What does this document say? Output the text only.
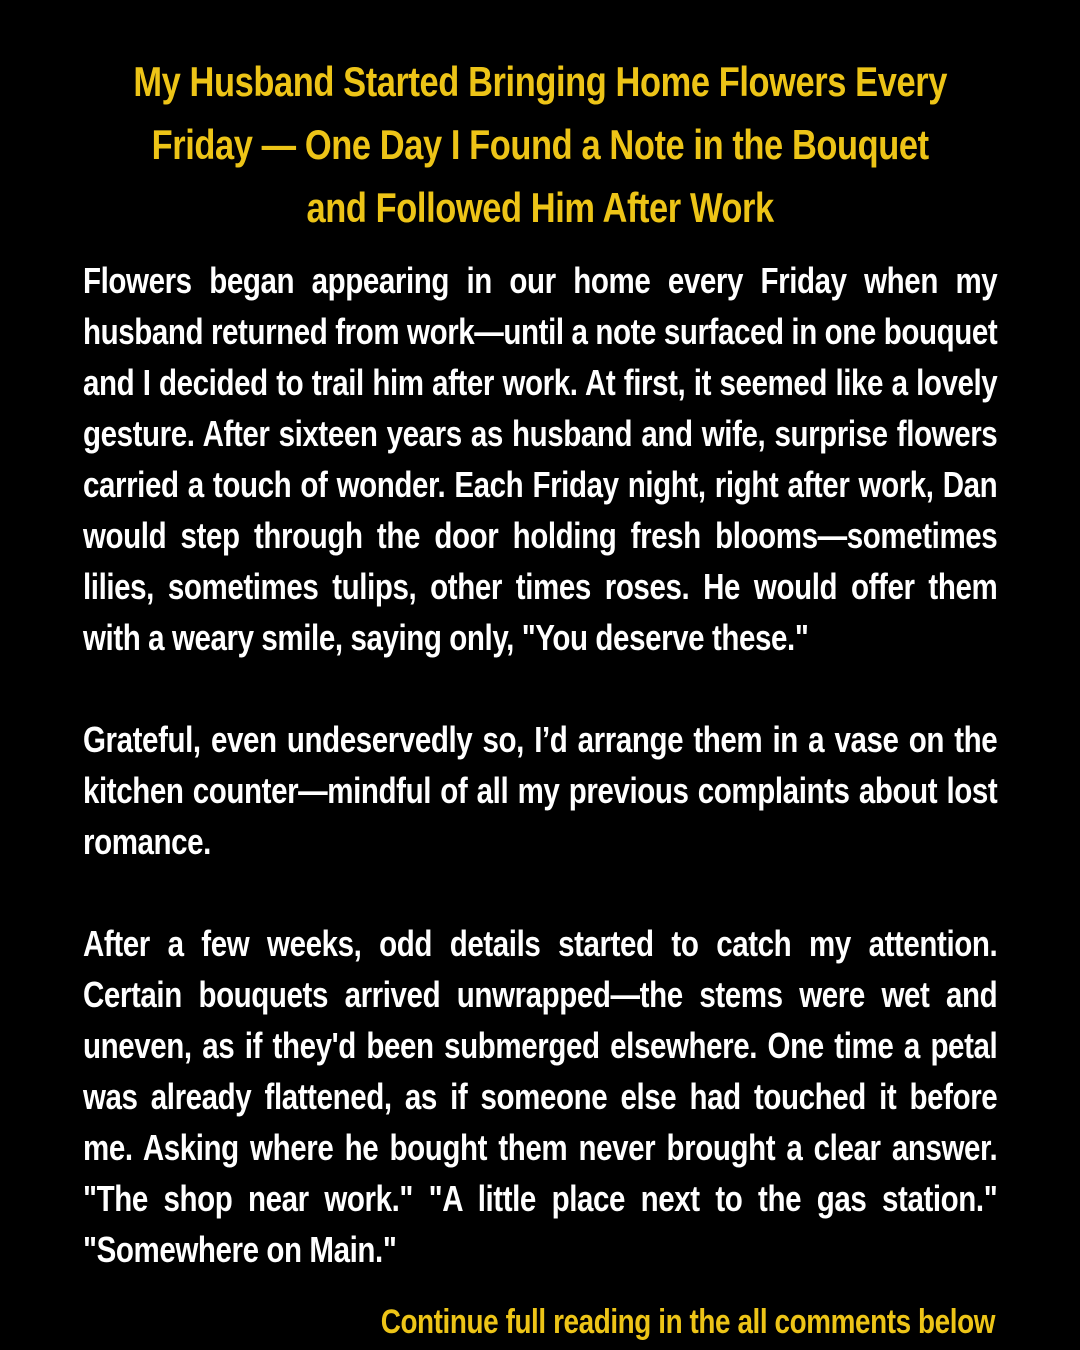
My Husband Started Bringing Home Flowers Every
Friday — One Day I Found a Note in the Bouquet
and Followed Him After Work

Flowers began appearing in our home every Friday when my husband returned from work—until a note surfaced in one bouquet and I decided to trail him after work. At first, it seemed like a lovely gesture. After sixteen years as husband and wife, surprise flowers carried a touch of wonder. Each Friday night, right after work, Dan would step through the door holding fresh blooms—sometimes lilies, sometimes tulips, other times roses. He would offer them with a weary smile, saying only, "You deserve these."

Grateful, even undeservedly so, I’d arrange them in a vase on the kitchen counter—mindful of all my previous complaints about lost romance.

After a few weeks, odd details started to catch my attention. Certain bouquets arrived unwrapped—the stems were wet and uneven, as if they'd been submerged elsewhere. One time a petal was already flattened, as if someone else had touched it before me. Asking where he bought them never brought a clear answer. "The shop near work." "A little place next to the gas station." "Somewhere on Main."

Continue full reading in the all comments below
